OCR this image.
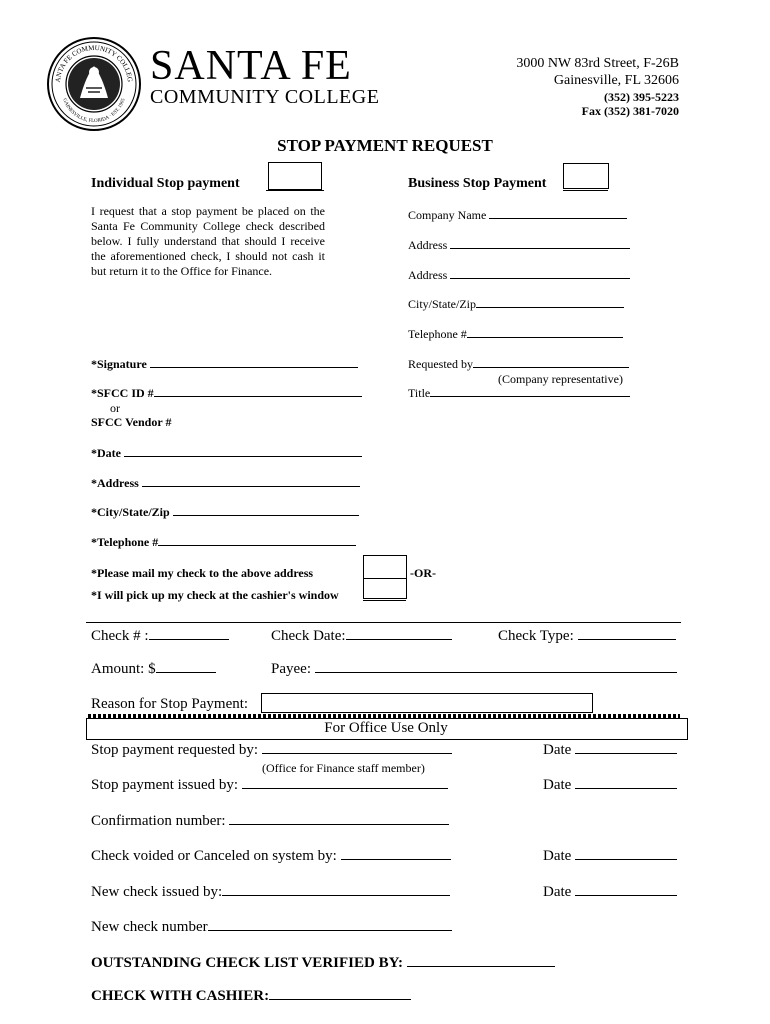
ANTA FE COMMUNITY COLLEG
GAINESVILLE, FLORIDA · EST. 1965
SANTA FE
COMMUNITY COLLEGE
3000 NW 83rd Street, F-26B
Gainesville, FL 32606
(352) 395-5223
Fax (352) 381-7020
STOP PAYMENT REQUEST
Individual Stop payment
I request that a stop payment be placed on the Santa Fe Community College check described below. I fully understand that should I receive the aforementioned check, I should not cash it but return it to the Office for Finance.
*Signature
*SFCC ID #
or
SFCC Vendor #
*Date
*Address
*City/State/Zip
*Telephone #
*Please mail my check to the above address	-OR-
*I will pick up my check at the cashier's window
Business Stop Payment
Company Name
Address
Address
City/State/Zip
Telephone #
Requested by
(Company representative)
Title
Check # :	Check Date:	Check Type:
Amount: $	Payee:
Reason for Stop Payment:
For Office Use Only
Stop payment requested by:	Date
(Office for Finance staff member)
Stop payment issued by:	Date
Confirmation number:
Check voided or Canceled on system by:	Date
New check issued by:	Date
New check number
OUTSTANDING CHECK LIST VERIFIED BY:
CHECK WITH CASHIER:
